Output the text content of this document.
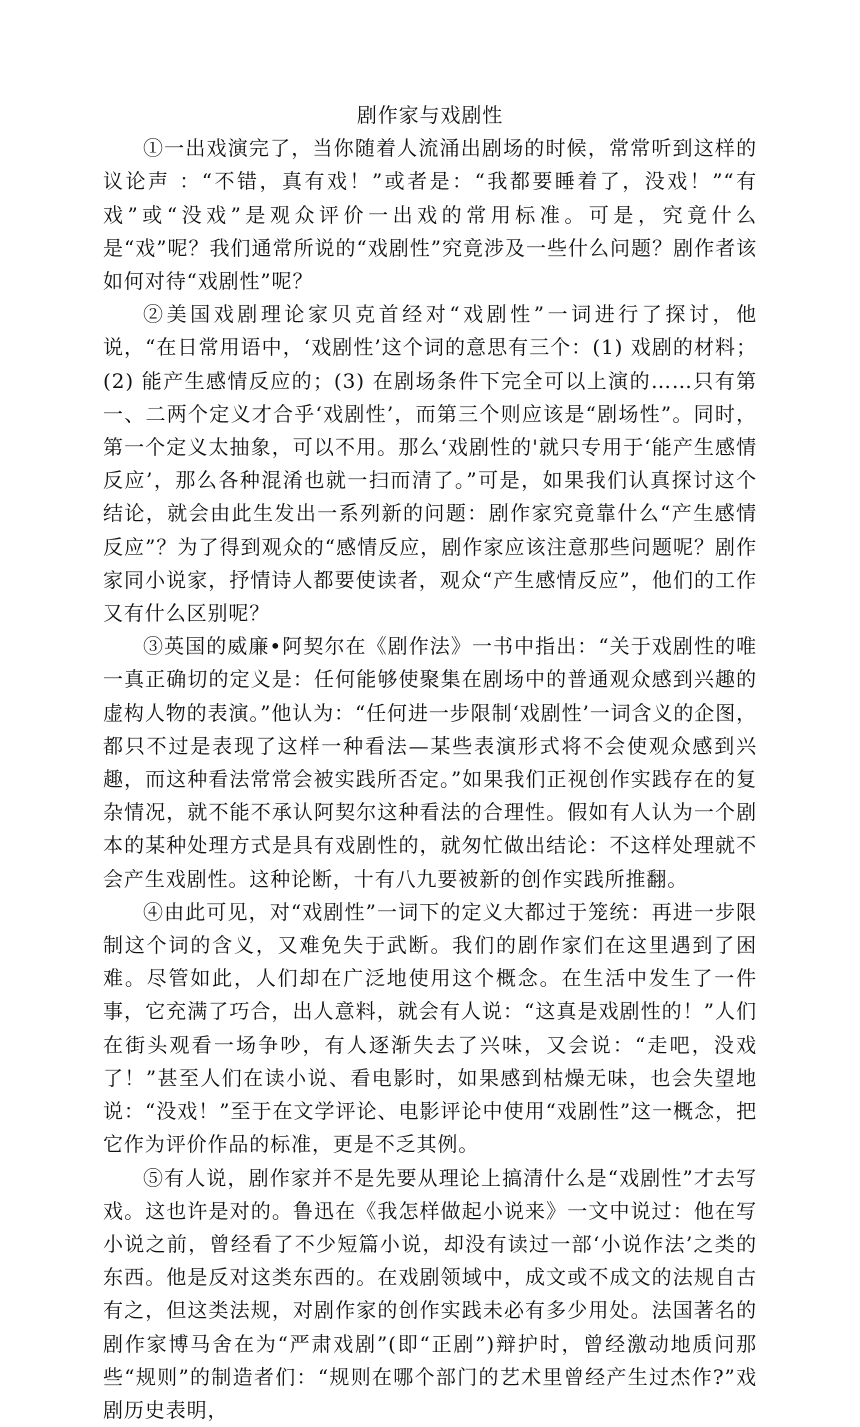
剧作家与戏剧性

①一出戏演完了，当你随着人流涌出剧场的时候，常常听到这样的议论声 ：“不错，真有戏！”或者是：“我都要睡着了，没戏！”“有戏”或“没戏”是观众评价一出戏的常用标准。可是，究竟什么是“戏”呢？我们通常所说的“戏剧性”究竟涉及一些什么问题？剧作者该如何对待“戏剧性”呢？

②美国戏剧理论家贝克首经对“戏剧性”一词进行了探讨，他说，“在日常用语中，‘戏剧性’这个词的意思有三个：(1) 戏剧的材料；(2) 能产生感情反应的；(3) 在剧场条件下完全可以上演的……只有第一、二两个定义才合乎‘戏剧性’，而第三个则应该是“剧场性”。同时，第一个定义太抽象，可以不用。那么‘戏剧性的'就只专用于‘能产生感情反应’，那么各种混淆也就一扫而清了。”可是，如果我们认真探讨这个结论，就会由此生发出一系列新的问题：剧作家究竟靠什么“产生感情反应”？为了得到观众的“感情反应，剧作家应该注意那些问题呢？剧作家同小说家，抒情诗人都要使读者，观众“产生感情反应”，他们的工作又有什么区别呢？

③英国的威廉•阿契尔在《剧作法》一书中指出：“关于戏剧性的唯一真正确切的定义是：任何能够使聚集在剧场中的普通观众感到兴趣的虚构人物的表演。”他认为：“任何进一步限制‘戏剧性’一词含义的企图，都只不过是表现了这样一种看法—某些表演形式将不会使观众感到兴趣，而这种看法常常会被实践所否定。”如果我们正视创作实践存在的复杂情况，就不能不承认阿契尔这种看法的合理性。假如有人认为一个剧本的某种处理方式是具有戏剧性的，就匆忙做出结论：不这样处理就不会产生戏剧性。这种论断，十有八九要被新的创作实践所推翻。

④由此可见，对“戏剧性”一词下的定义大都过于笼统：再进一步限制这个词的含义，又难免失于武断。我们的剧作家们在这里遇到了困难。尽管如此，人们却在广泛地使用这个概念。在生活中发生了一件事，它充满了巧合，出人意料，就会有人说：“这真是戏剧性的！”人们在街头观看一场争吵，有人逐渐失去了兴味，又会说：“走吧，没戏了！”甚至人们在读小说、看电影时，如果感到枯燥无味，也会失望地说：“没戏！”至于在文学评论、电影评论中使用“戏剧性”这一概念，把它作为评价作品的标准，更是不乏其例。

⑤有人说，剧作家并不是先要从理论上搞清什么是“戏剧性”才去写戏。这也许是对的。鲁迅在《我怎样做起小说来》一文中说过：他在写小说之前，曾经看了不少短篇小说，却没有读过一部‘小说作法’之类的东西。他是反对这类东西的。在戏剧领域中，成文或不成文的法规自古有之，但这类法规，对剧作家的创作实践未必有多少用处。法国著名的剧作家博马舍在为“严肃戏剧”(即“正剧”)辩护时，曾经激动地质问那些“规则”的制造者们：“规则在哪个部门的艺术里曾经产生过杰作?”戏剧历史表明，
